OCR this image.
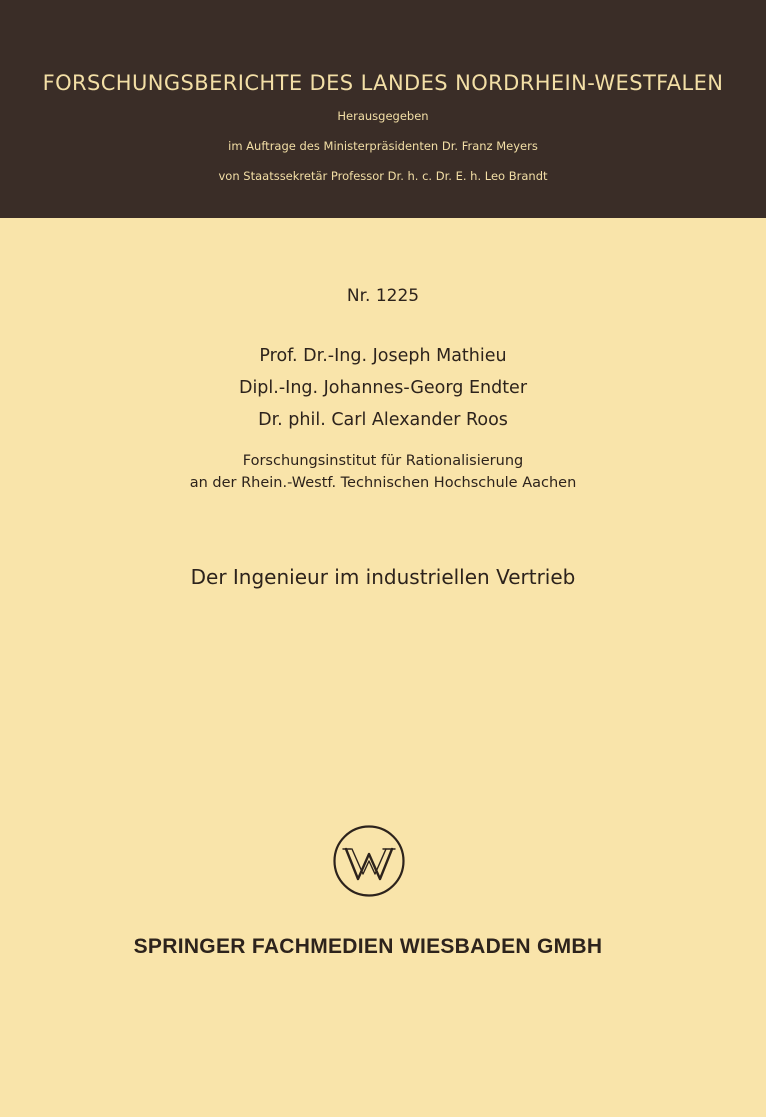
FORSCHUNGSBERICHTE DES LANDES NORDRHEIN-WESTFALEN
Herausgegeben
im Auftrage des Ministerpräsidenten Dr. Franz Meyers
von Staatssekretär Professor Dr. h. c. Dr. E. h. Leo Brandt
Nr. 1225
Prof. Dr.-Ing. Joseph Mathieu
Dipl.-Ing. Johannes-Georg Endter
Dr. phil. Carl Alexander Roos
Forschungsinstitut für Rationalisierung
an der Rhein.-Westf. Technischen Hochschule Aachen
Der Ingenieur im industriellen Vertrieb
SPRINGER FACHMEDIEN WIESBADEN GMBH
